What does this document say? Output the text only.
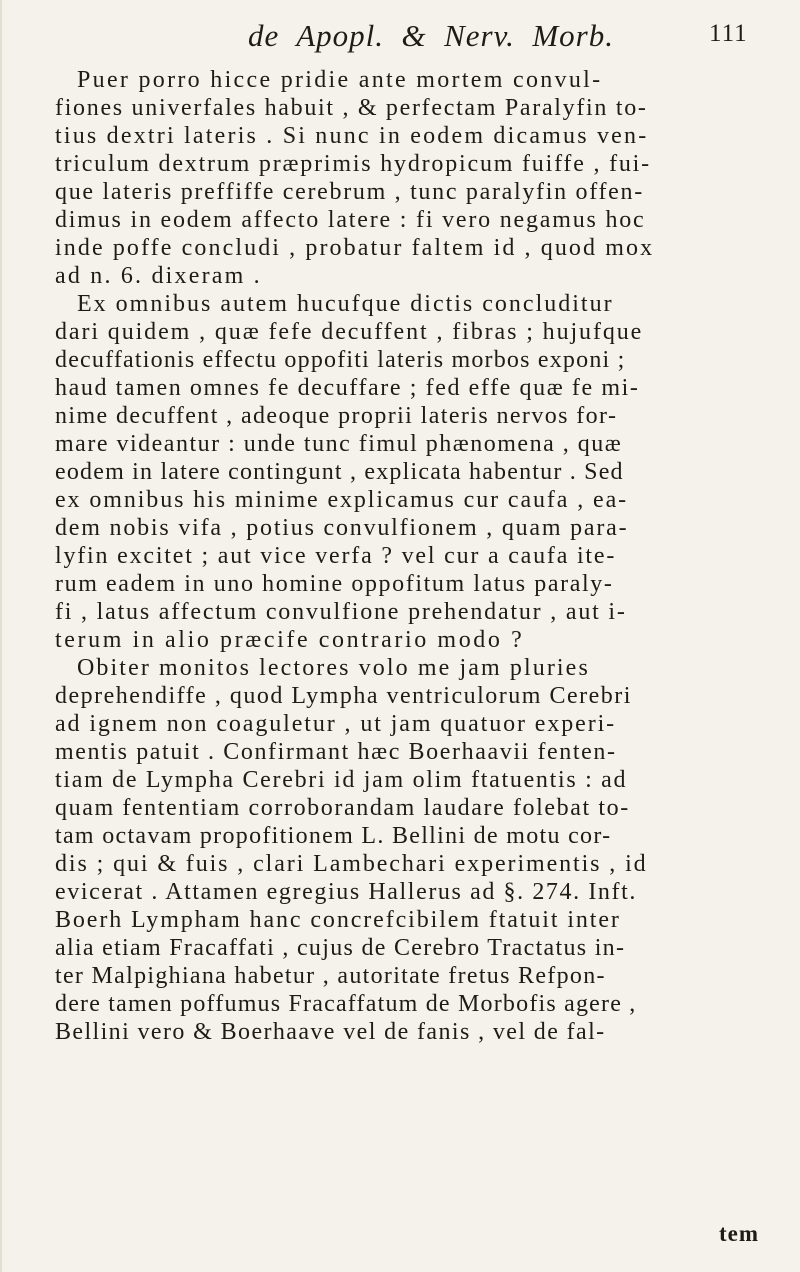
de  Apopl.  &  Nerv.  Morb.	111
Puer porro hicce pridie ante mortem convul-
fiones univerfales habuit , & perfectam Paralyfin to-
tius dextri lateris . Si nunc in eodem dicamus ven-
triculum dextrum præprimis hydropicum fuiffe , fui-
que lateris preffiffe cerebrum , tunc paralyfin offen-
dimus in eodem affecto latere : fi vero negamus hoc
inde poffe concludi , probatur faltem id , quod mox
ad n. 6. dixeram .
Ex omnibus autem hucufque dictis concluditur
dari quidem , quæ fefe decuffent , fibras ; hujufque
decuffationis effectu oppofiti lateris morbos exponi ;
haud tamen omnes fe decuffare ; fed effe quæ fe mi-
nime decuffent , adeoque proprii lateris nervos for-
mare videantur : unde tunc fimul phænomena , quæ
eodem in latere contingunt , explicata habentur . Sed
ex omnibus his minime explicamus cur caufa , ea-
dem nobis vifa , potius convulfionem , quam para-
lyfin excitet ; aut vice verfa ? vel cur a caufa ite-
rum eadem in uno homine oppofitum latus paraly-
fi , latus affectum convulfione prehendatur , aut i-
terum in alio præcife contrario modo ?
Obiter monitos lectores volo me jam pluries
deprehendiffe , quod Lympha ventriculorum Cerebri
ad ignem non coaguletur , ut jam quatuor experi-
mentis patuit . Confirmant hæc Boerhaavii fenten-
tiam de Lympha Cerebri id jam olim ftatuentis : ad
quam fententiam corroborandam laudare folebat to-
tam octavam propofitionem L. Bellini de motu cor-
dis ; qui & fuis , clari Lambechari experimentis , id
evicerat . Attamen egregius Hallerus ad §. 274. Inft.
Boerh Lympham hanc concrefcibilem ftatuit inter
alia etiam Fracaffati , cujus de Cerebro Tractatus in-
ter Malpighiana habetur , autoritate fretus Refpon-
dere tamen poffumus Fracaffatum de Morbofis agere ,
Bellini vero & Boerhaave vel de fanis , vel de fal-
tem
